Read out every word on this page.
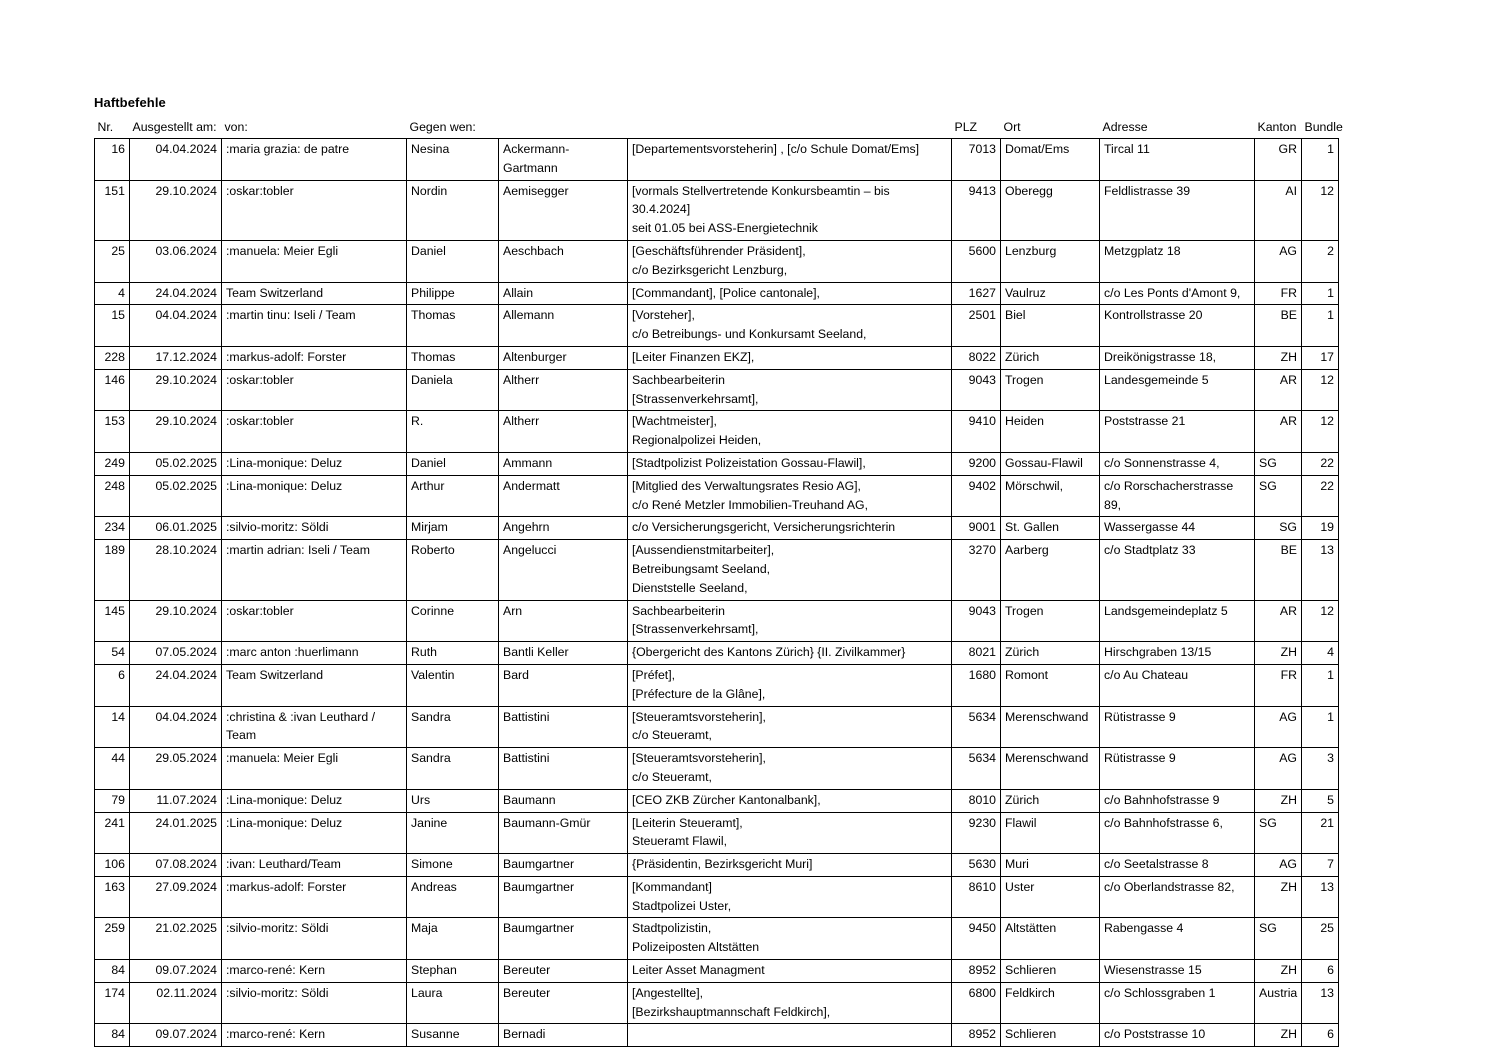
Haftbefehle
Nr.	Ausgestellt am:	von:	Gegen wen:			PLZ	Ort	Adresse	Kanton	Bundle
16	04.04.2024	:maria grazia: de patre	Nesina	Ackermann-Gartmann	[Departementsvorsteherin] , [c/o Schule Domat/Ems]	7013	Domat/Ems	Tircal 11	GR	1
151	29.10.2024	:oskar:tobler	Nordin	Aemisegger	[vormals Stellvertretende Konkursbeamtin – bis
30.4.2024]
seit 01.05 bei ASS-Energietechnik	9413	Oberegg	Feldlistrasse 39	AI	12
25	03.06.2024	:manuela: Meier Egli	Daniel	Aeschbach	[Geschäftsführender Präsident],
c/o Bezirksgericht Lenzburg,	5600	Lenzburg	Metzgplatz 18	AG	2
4	24.04.2024	Team Switzerland	Philippe	Allain	[Commandant], [Police cantonale],	1627	Vaulruz	c/o Les Ponts d'Amont 9,	FR	1
15	04.04.2024	:martin tinu: Iseli / Team	Thomas	Allemann	[Vorsteher],
c/o Betreibungs- und Konkursamt Seeland,	2501	Biel	Kontrollstrasse 20	BE	1
228	17.12.2024	:markus-adolf: Forster	Thomas	Altenburger	[Leiter Finanzen EKZ],	8022	Zürich	Dreikönigstrasse 18,	ZH	17
146	29.10.2024	:oskar:tobler	Daniela	Altherr	Sachbearbeiterin
[Strassenverkehrsamt],	9043	Trogen	Landesgemeinde 5	AR	12
153	29.10.2024	:oskar:tobler	R.	Altherr	[Wachtmeister],
Regionalpolizei Heiden,	9410	Heiden	Poststrasse 21	AR	12
249	05.02.2025	:Lina-monique: Deluz	Daniel	Ammann	[Stadtpolizist Polizeistation Gossau-Flawil],	9200	Gossau-Flawil	c/o Sonnenstrasse 4,	SG	22
248	05.02.2025	:Lina-monique: Deluz	Arthur	Andermatt	[Mitglied des Verwaltungsrates Resio AG],
c/o René Metzler Immobilien-Treuhand AG,	9402	Mörschwil,	c/o Rorschacherstrasse 89,	SG	22
234	06.01.2025	:silvio-moritz: Söldi	Mirjam	Angehrn	c/o Versicherungsgericht, Versicherungsrichterin	9001	St. Gallen	Wassergasse 44	SG	19
189	28.10.2024	:martin adrian: Iseli / Team	Roberto	Angelucci	[Aussendienstmitarbeiter],
Betreibungsamt Seeland,
Dienststelle Seeland,	3270	Aarberg	c/o Stadtplatz 33	BE	13
145	29.10.2024	:oskar:tobler	Corinne	Arn	Sachbearbeiterin
[Strassenverkehrsamt],	9043	Trogen	Landsgemeindeplatz 5	AR	12
54	07.05.2024	:marc anton :huerlimann	Ruth	Bantli Keller	{Obergericht des Kantons Zürich} {II. Zivilkammer}	8021	Zürich	Hirschgraben 13/15	ZH	4
6	24.04.2024	Team Switzerland	Valentin	Bard	[Préfet],
[Préfecture de la Glâne],	1680	Romont	c/o Au Chateau	FR	1
14	04.04.2024	:christina & :ivan Leuthard / Team	Sandra	Battistini	[Steueramtsvorsteherin],
c/o Steueramt,	5634	Merenschwand	Rütistrasse 9	AG	1
44	29.05.2024	:manuela: Meier Egli	Sandra	Battistini	[Steueramtsvorsteherin],
c/o Steueramt,	5634	Merenschwand	Rütistrasse 9	AG	3
79	11.07.2024	:Lina-monique: Deluz	Urs	Baumann	[CEO ZKB Zürcher Kantonalbank],	8010	Zürich	c/o Bahnhofstrasse 9	ZH	5
241	24.01.2025	:Lina-monique: Deluz	Janine	Baumann-Gmür	[Leiterin Steueramt],
Steueramt Flawil,	9230	Flawil	c/o Bahnhofstrasse 6,	SG	21
106	07.08.2024	:ivan: Leuthard/Team	Simone	Baumgartner	{Präsidentin, Bezirksgericht Muri]	5630	Muri	c/o Seetalstrasse 8	AG	7
163	27.09.2024	:markus-adolf: Forster	Andreas	Baumgartner	[Kommandant]
Stadtpolizei Uster,	8610	Uster	c/o Oberlandstrasse 82,	ZH	13
259	21.02.2025	:silvio-moritz: Söldi	Maja	Baumgartner	Stadtpolizistin,
Polizeiposten Altstätten	9450	Altstätten	Rabengasse 4	SG	25
84	09.07.2024	:marco-rené: Kern	Stephan	Bereuter	Leiter Asset Managment	8952	Schlieren	Wiesenstrasse 15	ZH	6
174	02.11.2024	:silvio-moritz: Söldi	Laura	Bereuter	[Angestellte],
[Bezirkshauptmannschaft Feldkirch],	6800	Feldkirch	c/o Schlossgraben 1	Austria	13
84	09.07.2024	:marco-rené: Kern	Susanne	Bernadi		8952	Schlieren	c/o Poststrasse 10	ZH	6
